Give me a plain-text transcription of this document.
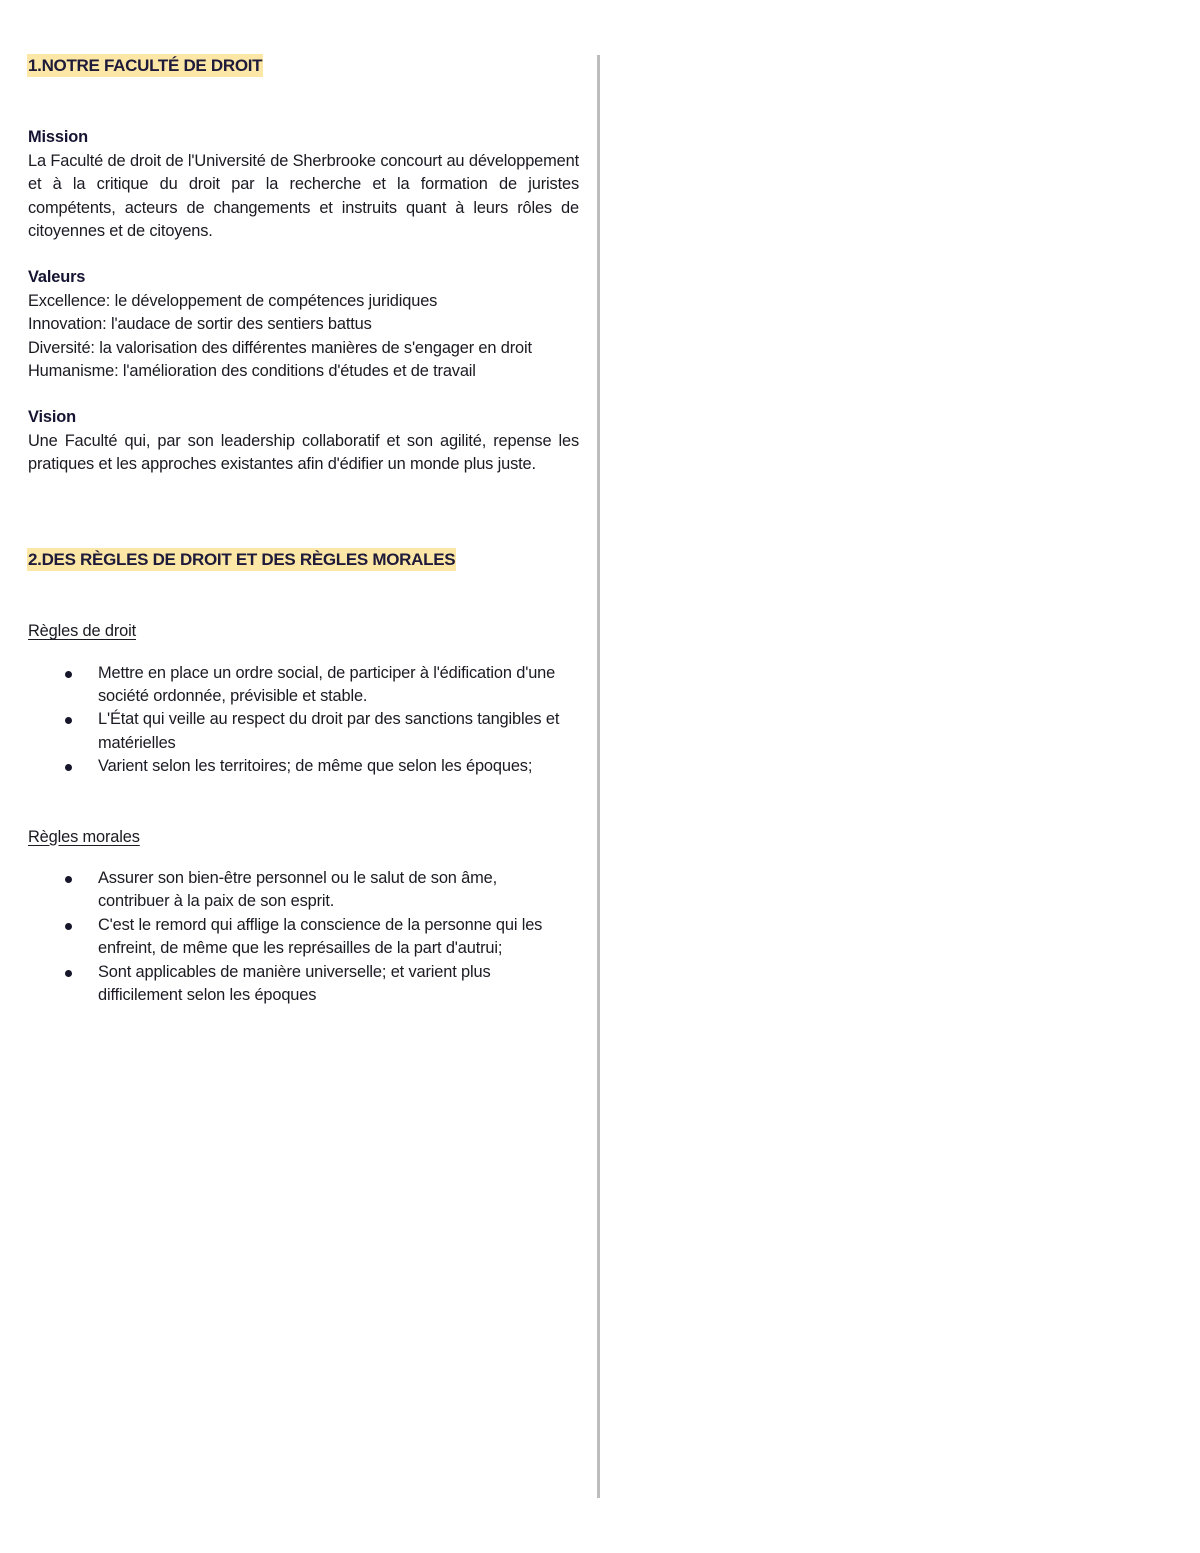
1.NOTRE FACULTÉ DE DROIT

Mission

La Faculté de droit de l'Université de Sherbrooke concourt au développement et à la critique du droit par la recherche et la formation de juristes compétents, acteurs de changements et instruits quant à leurs rôles de citoyennes et de citoyens.

Valeurs

Excellence: le développement de compétences juridiques

Innovation: l'audace de sortir des sentiers battus

Diversité: la valorisation des différentes manières de s'engager en droit

Humanisme: l'amélioration des conditions d'études et de travail

Vision

Une Faculté qui, par son leadership collaboratif et son agilité, repense les pratiques et les approches existantes afin d'édifier un monde plus juste.

2.DES RÈGLES DE DROIT ET DES RÈGLES MORALES

Règles de droit

Mettre en place un ordre social, de participer à l'édification d'une société ordonnée, prévisible et stable.
L'État qui veille au respect du droit par des sanctions tangibles et matérielles
Varient selon les territoires; de même que selon les époques;

Règles morales

Assurer son bien-être personnel ou le salut de son âme, contribuer à la paix de son esprit.
C'est le remord qui afflige la conscience de la personne qui les enfreint, de même que les représailles de la part d'autrui;
Sont applicables de manière universelle; et varient plus difficilement selon les époques
